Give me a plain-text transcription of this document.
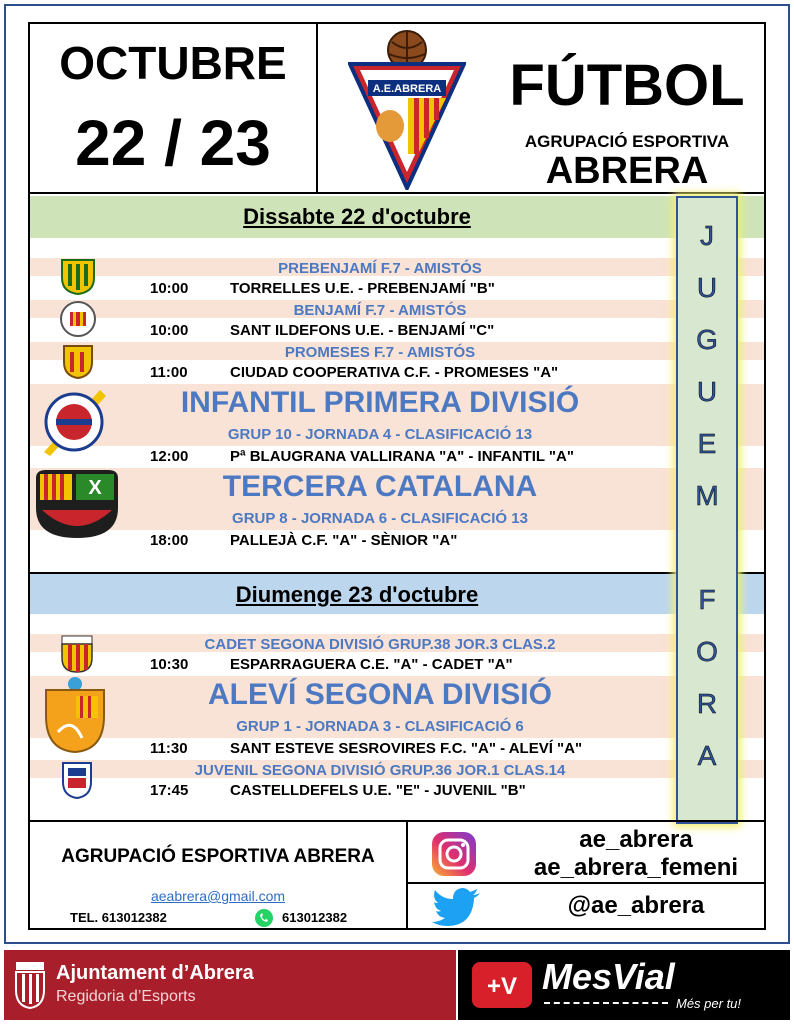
OCTUBRE
22 / 23
A.E.ABRERA	FÚTBOL
AGRUPACIÓ ESPORTIVA
ABRERA
Dissabte 22 d'octubre
PREBENJAMÍ F.7 - AMISTÓS
10:00	TORRELLES U.E. - PREBENJAMÍ "B"
BENJAMÍ F.7 - AMISTÓS
10:00	SANT ILDEFONS U.E. - BENJAMÍ "C"
PROMESES F.7 - AMISTÓS
11:00	CIUDAD COOPERATIVA C.F. - PROMESES "A"
INFANTIL PRIMERA DIVISIÓ
GRUP 10 - JORNADA 4 - CLASIFICACIÓ 13
12:00	Pª BLAUGRANA VALLIRANA "A" - INFANTIL "A"
X	TERCERA CATALANA
GRUP 8 - JORNADA 6 - CLASIFICACIÓ 13
18:00	PALLEJÀ C.F. "A" - SÈNIOR "A"
Diumenge 23 d'octubre
CADET SEGONA DIVISIÓ GRUP.38 JOR.3 CLAS.2
10:30	ESPARRAGUERA C.E. "A" - CADET "A"
ALEVÍ SEGONA DIVISIÓ
GRUP 1 - JORNADA 3 - CLASIFICACIÓ 6
11:30	SANT ESTEVE SESROVIRES F.C. "A" - ALEVÍ "A"
JUVENIL SEGONA DIVISIÓ GRUP.36 JOR.1 CLAS.14
17:45	CASTELLDEFELS U.E. "E" - JUVENIL "B"
J
U
G
U
E
M
F
O
R
A
AGRUPACIÓ ESPORTIVA ABRERA
aeabrera@gmail.com
TEL. 613012382	613012382
ae_abrera
ae_abrera_femeni
@ae_abrera
Ajuntament d’Abrera
Regidoria d’Esports	+V MesVial
Més per tu!
